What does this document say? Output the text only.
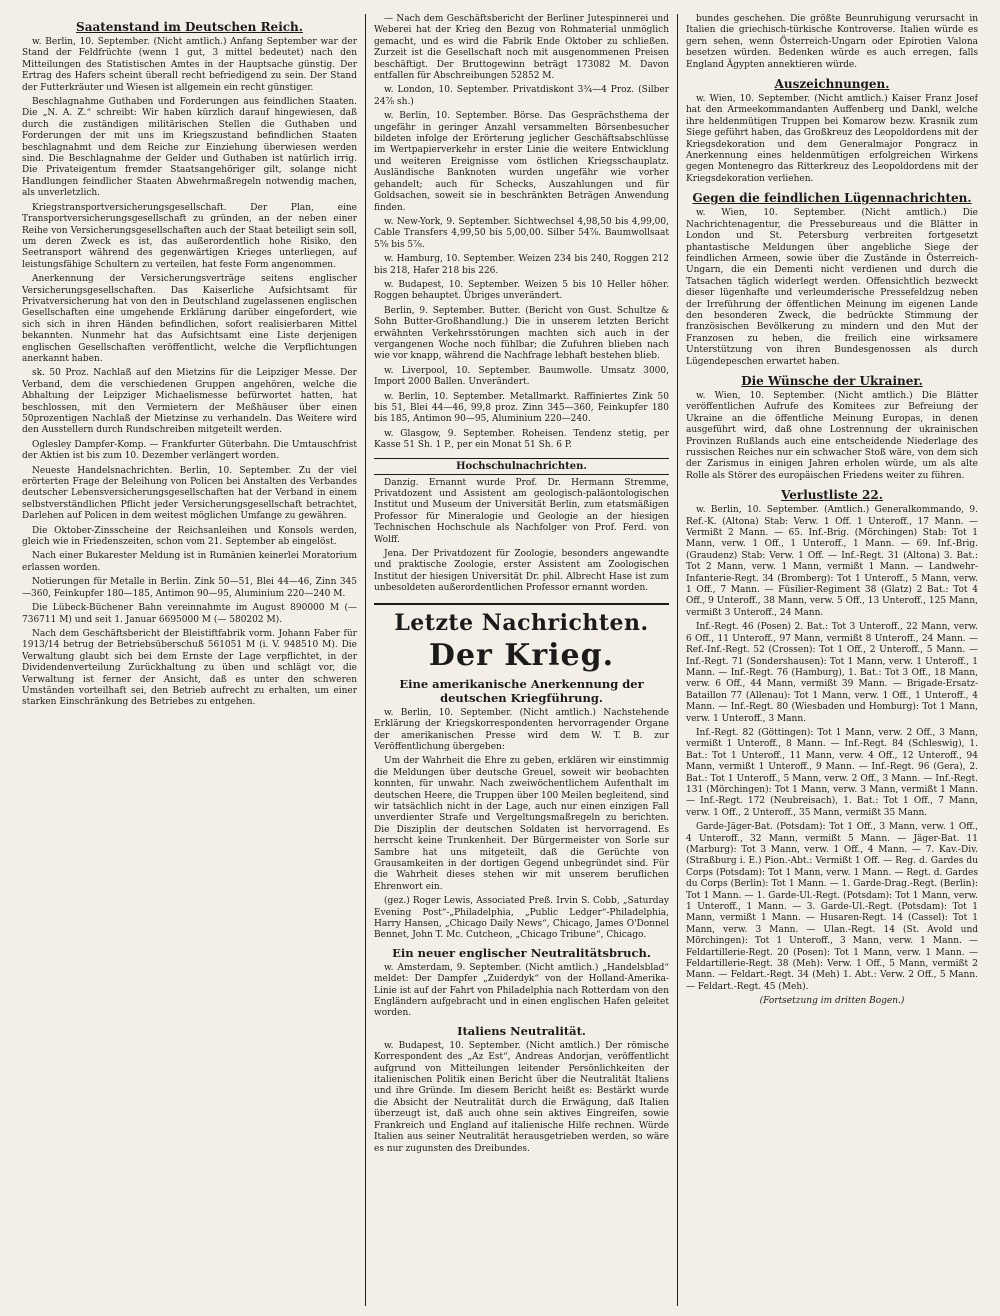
Saatenstand im Deutschen Reich.

w. Berlin, 10. September. (Nicht amtlich.) Anfang September war der Stand der Feldfrüchte (wenn 1 gut, 3 mittel bedeutet) nach den Mitteilungen des Statistischen Amtes in der Hauptsache günstig. Der Ertrag des Hafers scheint überall recht befriedigend zu sein. Der Stand der Futterkräuter und Wiesen ist allgemein ein recht günstiger.

Beschlagnahme Guthaben und Forderungen aus feindlichen Staaten. Die „N. A. Z.“ schreibt: Wir haben kürzlich darauf hingewiesen, daß durch die zuständigen militärischen Stellen die Guthaben und Forderungen der mit uns im Kriegszustand befindlichen Staaten beschlagnahmt und dem Reiche zur Einziehung überwiesen werden sind. Die Beschlagnahme der Gelder und Guthaben ist natürlich irrig. Die Privateigentum fremder Staatsangehöriger gilt, solange nicht Handlungen feindlicher Staaten Abwehrmaßregeln notwendig machen, als unverletzlich.

Kriegstransportversicherungsgesellschaft. Der Plan, eine Transportversicherungsgesellschaft zu gründen, an der neben einer Reihe von Versicherungsgesellschaften auch der Staat beteiligt sein soll, um deren Zweck es ist, das außerordentlich hohe Risiko, den Seetransport während des gegenwärtigen Krieges unterliegen, auf leistungsfähige Schultern zu verteilen, hat feste Form angenommen.

Anerkennung der Versicherungsverträge seitens englischer Versicherungsgesellschaften. Das Kaiserliche Aufsichtsamt für Privatversicherung hat von den in Deutschland zugelassenen englischen Gesellschaften eine umgehende Erklärung darüber eingefordert, wie sich sich in ihren Händen befindlichen, sofort realisierbaren Mittel bekannten. Nunmehr hat das Aufsichtsamt eine Liste derjenigen englischen Gesellschaften veröffentlicht, welche die Verpflichtungen anerkannt haben.

sk. 50 Proz. Nachlaß auf den Mietzins für die Leipziger Messe. Der Verband, dem die verschiedenen Gruppen angehören, welche die Abhaltung der Leipziger Michaelismesse befürwortet hatten, hat beschlossen, mit den Vermietern der Meßhäuser über einen 50prozentigen Nachlaß der Mietzinse zu verhandeln. Das Weitere wird den Ausstellern durch Rundschreiben mitgeteilt werden.

Oglesley Dampfer-Komp. — Frankfurter Güterbahn. Die Umtauschfrist der Aktien ist bis zum 10. Dezember verlängert worden.

Neueste Handelsnachrichten. Berlin, 10. September. Zu der viel erörterten Frage der Beleihung von Policen bei Anstalten des Verbandes deutscher Lebensversicherungsgesellschaften hat der Verband in einem selbstverständlichen Pflicht jeder Versicherungsgesellschaft betrachtet, Darlehen auf Policen in dem weitest möglichen Umfange zu gewähren.

Die Oktober-Zinsscheine der Reichsanleihen und Konsols werden, gleich wie in Friedenszeiten, schon vom 21. September ab eingelöst.

Nach einer Bukarester Meldung ist in Rumänien keinerlei Moratorium erlassen worden.

Notierungen für Metalle in Berlin. Zink 50—51, Blei 44—46, Zinn 345—360, Feinkupfer 180—185, Antimon 90—95, Aluminium 220—240 M.

Die Lübeck-Büchener Bahn vereinnahmte im August 890000 M (— 736711 M) und seit 1. Januar 6695000 M (— 580202 M).

Nach dem Geschäftsbericht der Bleistiftfabrik vorm. Johann Faber für 1913/14 betrug der Betriebsüberschuß 561051 M (i. V. 948510 M). Die Verwaltung glaubt sich bei dem Ernste der Lage verpflichtet, in der Dividendenverteilung Zurückhaltung zu üben und schlägt vor, die Verwaltung ist ferner der Ansicht, daß es unter den schweren Umständen vorteilhaft sei, den Betrieb aufrecht zu erhalten, um einer starken Einschränkung des Betriebes zu entgehen.

— Nach dem Geschäftsbericht der Berliner Jutespinnerei und Weberei hat der Krieg den Bezug von Rohmaterial unmöglich gemacht, und es wird die Fabrik Ende Oktober zu schließen. Zurzeit ist die Gesellschaft noch mit ausgenommenen Preisen beschäftigt. Der Bruttogewinn beträgt 173082 M. Davon entfallen für Abschreibungen 52852 M.

w. London, 10. September. Privatdiskont 3¾—4 Proz. (Silber 24⅞ sh.)

w. Berlin, 10. September. Börse. Das Gesprächsthema der ungefähr in geringer Anzahl versammelten Börsenbesucher bildeten infolge der Erörterung jeglicher Geschäftsabschlüsse im Wertpapierverkehr in erster Linie die weitere Entwicklung und weiteren Ereignisse vom östlichen Kriegsschauplatz. Ausländische Banknoten wurden ungefähr wie vorher gehandelt; auch für Schecks, Auszahlungen und für Goldsachen, soweit sie in beschränkten Beträgen Anwendung finden.

w. New-York, 9. September. Sichtwechsel 4,98,50 bis 4,99,00, Cable Transfers 4,99,50 bis 5,00,00. Silber 54⅞. Baumwollsaat 5⅝ bis 5⅞.

w. Hamburg, 10. September. Weizen 234 bis 240, Roggen 212 bis 218, Hafer 218 bis 226.

w. Budapest, 10. September. Weizen 5 bis 10 Heller höher. Roggen behauptet. Übriges unverändert.

Berlin, 9. September. Butter. (Bericht von Gust. Schultze & Sohn Butter-Großhandlung.) Die in unserem letzten Bericht erwähnten Verkehrsstörungen machten sich auch in der vergangenen Woche noch fühlbar; die Zufuhren blieben nach wie vor knapp, während die Nachfrage lebhaft bestehen blieb.

w. Liverpool, 10. September. Baumwolle. Umsatz 3000, Import 2000 Ballen. Unverändert.

w. Berlin, 10. September. Metallmarkt. Raffiniertes Zink 50 bis 51, Blei 44—46, 99,8 proz. Zinn 345—360, Feinkupfer 180 bis 185, Antimon 90—95, Aluminium 220—240.

w. Glasgow, 9. September. Roheisen. Tendenz stetig, per Kasse 51 Sh. 1 P., per ein Monat 51 Sh. 6 P.

Hochschulnachrichten.

Danzig. Ernannt wurde Prof. Dr. Hermann Stremme, Privatdozent und Assistent am geologisch-paläontologischen Institut und Museum der Universität Berlin, zum etatsmäßigen Professor für Mineralogie und Geologie an der hiesigen Technischen Hochschule als Nachfolger von Prof. Ferd. von Wolff.

Jena. Der Privatdozent für Zoologie, besonders angewandte und praktische Zoologie, erster Assistent am Zoologischen Institut der hiesigen Universität Dr. phil. Albrecht Hase ist zum unbesoldeten außerordentlichen Professor ernannt worden.

Letzte Nachrichten.
Der Krieg.
Eine amerikanische Anerkennung der deutschen Kriegführung.

w. Berlin, 10. September. (Nicht amtlich.) Nachstehende Erklärung der Kriegskorrespondenten hervorragender Organe der amerikanischen Presse wird dem W. T. B. zur Veröffentlichung übergeben:

Um der Wahrheit die Ehre zu geben, erklären wir einstimmig die Meldungen über deutsche Greuel, soweit wir beobachten konnten, für unwahr. Nach zweiwöchentlichem Aufenthalt im deutschen Heere, die Truppen über 100 Meilen begleitend, sind wir tatsächlich nicht in der Lage, auch nur einen einzigen Fall unverdienter Strafe und Vergeltungsmaßregeln zu berichten. Die Disziplin der deutschen Soldaten ist hervorragend. Es herrscht keine Trunkenheit. Der Bürgermeister von Sorle sur Sambre hat uns mitgeteilt, daß die Gerüchte von Grausamkeiten in der dortigen Gegend unbegründet sind. Für die Wahrheit dieses stehen wir mit unserem beruflichen Ehrenwort ein.

(gez.) Roger Lewis, Associated Preß. Irvin S. Cobb, „Saturday Evening Post“-„Philadelphia, „Public Ledger“-Philadelphia, Harry Hansen, „Chicago Daily News“, Chicago, James O'Donnel Bennet, John T. Mc. Cutcheon, „Chicago Tribune“, Chicago.

Ein neuer englischer Neutralitätsbruch.

w. Amsterdam, 9. September. (Nicht amtlich.) „Handelsblad“ meldet: Der Dampfer „Zuiderdyk“ von der Holland-Amerika-Linie ist auf der Fahrt von Philadelphia nach Rotterdam von den Engländern aufgebracht und in einen englischen Hafen geleitet worden.

Italiens Neutralität.

w. Budapest, 10. September. (Nicht amtlich.) Der römische Korrespondent des „Az Est“, Andreas Andorjan, veröffentlicht aufgrund von Mitteilungen leitender Persönlichkeiten der italienischen Politik einen Bericht über die Neutralität Italiens und ihre Gründe. Im diesem Bericht heißt es: Bestärkt wurde die Absicht der Neutralität durch die Erwägung, daß Italien überzeugt ist, daß auch ohne sein aktives Eingreifen, sowie Frankreich und England auf italienische Hilfe rechnen. Würde Italien aus seiner Neutralität herausgetrieben werden, so wäre es nur zugunsten des Dreibundes.

bundes geschehen. Die größte Beunruhigung verursacht in Italien die griechisch-türkische Kontroverse. Italien würde es gern sehen, wenn Österreich-Ungarn oder Epirotien Valona besetzen würden. Bedenken würde es auch erregen, falls England Ägypten annektieren würde.

Auszeichnungen.

w. Wien, 10. September. (Nicht amtlich.) Kaiser Franz Josef hat den Armeekommandanten Auffenberg und Dankl, welche ihre heldenmütigen Truppen bei Komarow bezw. Krasnik zum Siege geführt haben, das Großkreuz des Leopoldordens mit der Kriegsdekoration und dem Generalmajor Pongracz in Anerkennung eines heldenmütigen erfolgreichen Wirkens gegen Montenegro das Ritterkreuz des Leopoldordens mit der Kriegsdekoration verliehen.

Gegen die feindlichen Lügennachrichten.

w. Wien, 10. September. (Nicht amtlich.) Die Nachrichtenagentur, die Pressebureaus und die Blätter in London und St. Petersburg verbreiten fortgesetzt phantastische Meldungen über angebliche Siege der feindlichen Armeen, sowie über die Zustände in Österreich-Ungarn, die ein Dementi nicht verdienen und durch die Tatsachen täglich widerlegt werden. Offensichtlich bezweckt dieser lügenhafte und verleumderische Pressefeldzug neben der Irreführung der öffentlichen Meinung im eigenen Lande den besonderen Zweck, die bedrückte Stimmung der französischen Bevölkerung zu mindern und den Mut der Franzosen zu heben, die freilich eine wirksamere Unterstützung von ihren Bundesgenossen als durch Lügendepeschen erwartet haben.

Die Wünsche der Ukrainer.

w. Wien, 10. September. (Nicht amtlich.) Die Blätter veröffentlichen Aufrufe des Komitees zur Befreiung der Ukraine an die öffentliche Meinung Europas, in denen ausgeführt wird, daß ohne Lostrennung der ukrainischen Provinzen Rußlands auch eine entscheidende Niederlage des russischen Reiches nur ein schwacher Stoß wäre, von dem sich der Zarismus in einigen Jahren erholen würde, um als alte Rolle als Störer des europäischen Friedens weiter zu führen.

Verlustliste 22.

w. Berlin, 10. September. (Amtlich.) Generalkommando, 9. Ref.-K. (Altona) Stab: Verw. 1 Off. 1 Unteroff., 17 Mann. — Vermißt 2 Mann. — 65. Inf.-Brig. (Mörchingen) Stab: Tot 1 Mann, verw. 1 Off., 1 Unteroff., 1 Mann. — 69. Inf.-Brig. (Graudenz) Stab: Verw. 1 Off. — Inf.-Regt. 31 (Altona) 3. Bat.: Tot 2 Mann, verw. 1 Mann, vermißt 1 Mann. — Landwehr-Infanterie-Regt. 34 (Bromberg): Tot 1 Unteroff., 5 Mann, verw. 1 Off., 7 Mann. — Füsilier-Regiment 38 (Glatz) 2 Bat.: Tot 4 Off., 9 Unteroff., 38 Mann, verw. 5 Off., 13 Unteroff., 125 Mann, vermißt 3 Unteroff., 24 Mann.

Inf.-Regt. 46 (Posen) 2. Bat.: Tot 3 Unteroff., 22 Mann, verw. 6 Off., 11 Unteroff., 97 Mann, vermißt 8 Unteroff., 24 Mann. — Ref.-Inf.-Regt. 52 (Crossen): Tot 1 Off., 2 Unteroff., 5 Mann. — Inf.-Regt. 71 (Sondershausen): Tot 1 Mann, verw. 1 Unteroff., 1 Mann. — Inf.-Regt. 76 (Hamburg), 1. Bat.: Tot 3 Off., 18 Mann, verw. 6 Off., 44 Mann, vermißt 39 Mann. — Brigade-Ersatz-Bataillon 77 (Allenau): Tot 1 Mann, verw. 1 Off., 1 Unteroff., 4 Mann. — Inf.-Regt. 80 (Wiesbaden und Homburg): Tot 1 Mann, verw. 1 Unteroff., 3 Mann.

Inf.-Regt. 82 (Göttingen): Tot 1 Mann, verw. 2 Off., 3 Mann, vermißt 1 Unteroff., 8 Mann. — Inf.-Regt. 84 (Schleswig), 1. Bat.: Tot 1 Unteroff., 11 Mann, verw. 4 Off., 12 Unteroff., 94 Mann, vermißt 1 Unteroff., 9 Mann. — Inf.-Regt. 96 (Gera), 2. Bat.: Tot 1 Unteroff., 5 Mann, verw. 2 Off., 3 Mann. — Inf.-Regt. 131 (Mörchingen): Tot 1 Mann, verw. 3 Mann, vermißt 1 Mann. — Inf.-Regt. 172 (Neubreisach), 1. Bat.: Tot 1 Off., 7 Mann, verw. 1 Off., 2 Unteroff., 35 Mann, vermißt 35 Mann.

Garde-Jäger-Bat. (Potsdam): Tot 1 Off., 3 Mann, verw. 1 Off., 4 Unteroff., 32 Mann, vermißt 5 Mann. — Jäger-Bat. 11 (Marburg): Tot 3 Mann, verw. 1 Off., 4 Mann. — 7. Kav.-Div. (Straßburg i. E.) Pion.-Abt.: Vermißt 1 Off. — Reg. d. Gardes du Corps (Potsdam): Tot 1 Mann, verw. 1 Mann. — Regt. d. Gardes du Corps (Berlin): Tot 1 Mann. — 1. Garde-Drag.-Regt. (Berlin): Tot 1 Mann. — 1. Garde-Ul.-Regt. (Potsdam): Tot 1 Mann, verw. 1 Unteroff., 1 Mann. — 3. Garde-Ul.-Regt. (Potsdam): Tot 1 Mann, vermißt 1 Mann. — Husaren-Regt. 14 (Cassel): Tot 1 Mann, verw. 3 Mann. — Ulan.-Regt. 14 (St. Avold und Mörchingen): Tot 1 Unteroff., 3 Mann, verw. 1 Mann. — Feldartillerie-Regt. 20 (Posen): Tot 1 Mann, verw. 1 Mann. — Feldartillerie-Regt. 38 (Meh): Verw. 1 Off., 5 Mann, vermißt 2 Mann. — Feldart.-Regt. 34 (Meh) 1. Abt.: Verw. 2 Off., 5 Mann. — Feldart.-Regt. 45 (Meh).

(Fortsetzung im dritten Bogen.)
